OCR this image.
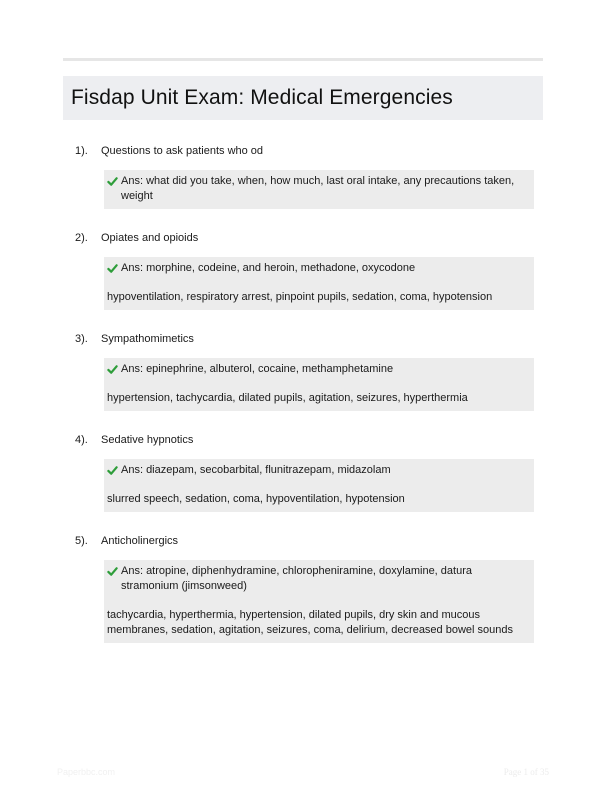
Fisdap Unit Exam: Medical Emergencies
1).	Questions to ask patients who od
Ans: what did you take, when, how much, last oral intake, any precautions taken, weight
2).	Opiates and opioids
Ans: morphine, codeine, and heroin, methadone, oxycodone
hypoventilation, respiratory arrest, pinpoint pupils, sedation, coma, hypotension
3).	Sympathomimetics
Ans: epinephrine, albuterol, cocaine, methamphetamine
hypertension, tachycardia, dilated pupils, agitation, seizures, hyperthermia
4).	Sedative hypnotics
Ans: diazepam, secobarbital, flunitrazepam, midazolam
slurred speech, sedation, coma, hypoventilation, hypotension
5).	Anticholinergics
Ans: atropine, diphenhydramine, chloropheniramine, doxylamine, datura stramonium (jimsonweed)
tachycardia, hyperthermia, hypertension, dilated pupils, dry skin and mucous membranes, sedation, agitation, seizures, coma, delirium, decreased bowel sounds
Paperbbc.com	Page 1 of 35
